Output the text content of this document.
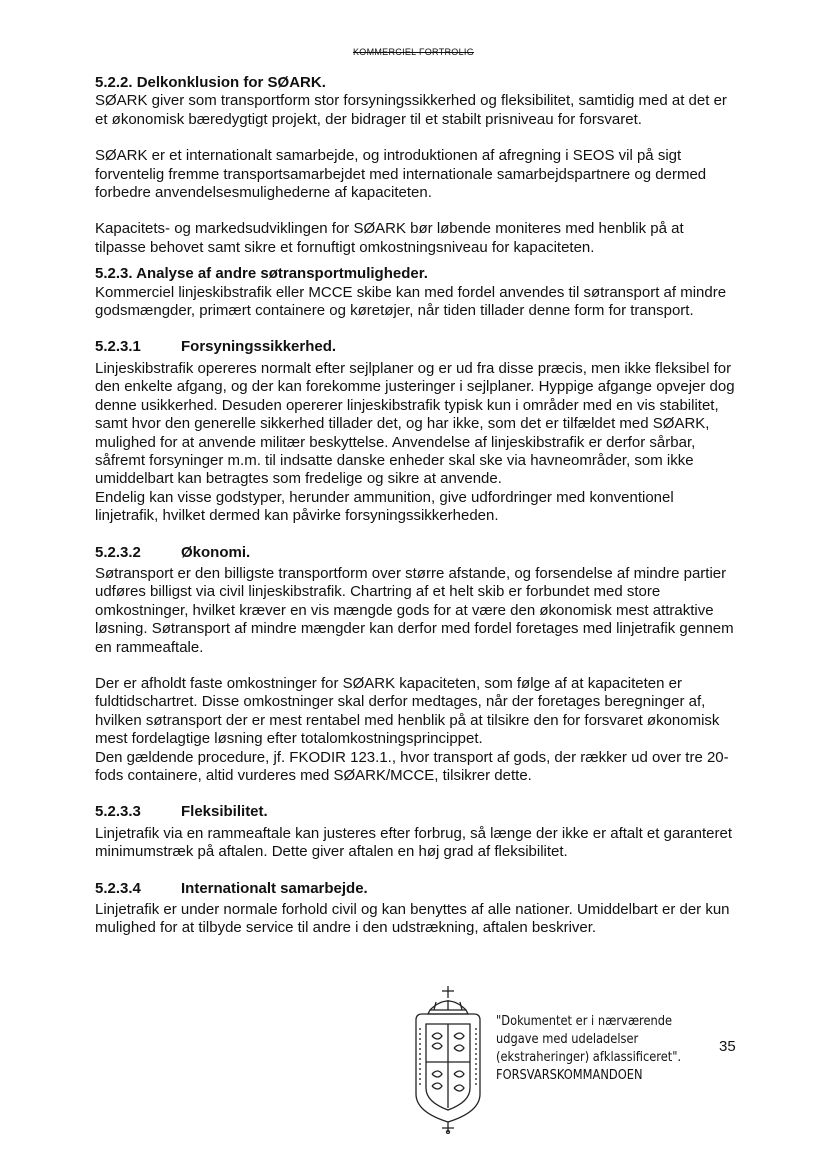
KOMMERCIEL FORTROLIG
5.2.2. Delkonklusion for SØARK.

SØARK giver som transportform stor forsyningssikkerhed og fleksibilitet, samtidig med at det er et økonomisk bæredygtigt projekt, der bidrager til et stabilt prisniveau for forsvaret.

SØARK er et internationalt samarbejde, og introduktionen af afregning i SEOS vil på sigt forventelig fremme transportsamarbejdet med internationale samarbejdspartnere og dermed forbedre anvendelsesmulighederne af kapaciteten.

Kapacitets- og markedsudviklingen for SØARK bør løbende moniteres med henblik på at tilpasse behovet samt sikre et fornuftigt omkostningsniveau for kapaciteten.

5.2.3. Analyse af andre søtransportmuligheder.

Kommerciel linjeskibstrafik eller MCCE skibe kan med fordel anvendes til søtransport af mindre godsmængder, primært containere og køretøjer, når tiden tillader denne form for transport.

5.2.3.1	Forsyningssikkerhed.

Linjeskibstrafik opereres normalt efter sejlplaner og er ud fra disse præcis, men ikke fleksibel for den enkelte afgang, og der kan forekomme justeringer i sejlplaner. Hyppige afgange opvejer dog denne usikkerhed. Desuden opererer linjeskibstrafik typisk kun i områder med en vis stabilitet, samt hvor den generelle sikkerhed tillader det, og har ikke, som det er tilfældet med SØARK, mulighed for at anvende militær beskyttelse. Anvendelse af linjeskibstrafik er derfor sårbar, såfremt forsyninger m.m. til indsatte danske enheder skal ske via havneområder, som ikke umiddelbart kan betragtes som fredelige og sikre at anvende.

Endelig kan visse godstyper, herunder ammunition, give udfordringer med konventionel linjetrafik, hvilket dermed kan påvirke forsyningssikkerheden.

5.2.3.2	Økonomi.

Søtransport er den billigste transportform over større afstande, og forsendelse af mindre partier udføres billigst via civil linjeskibstrafik. Chartring af et helt skib er forbundet med store omkostninger, hvilket kræver en vis mængde gods for at være den økonomisk mest attraktive løsning. Søtransport af mindre mængder kan derfor med fordel foretages med linjetrafik gennem en rammeaftale.

Der er afholdt faste omkostninger for SØARK kapaciteten, som følge af at kapaciteten er fuldtidschartret. Disse omkostninger skal derfor medtages, når der foretages beregninger af, hvilken søtransport der er mest rentabel med henblik på at tilsikre den for forsvaret økonomisk mest fordelagtige løsning efter totalomkostningsprincippet.

Den gældende procedure, jf. FKODIR 123.1., hvor transport af gods, der rækker ud over tre 20-fods containere, altid vurderes med SØARK/MCCE, tilsikrer dette.

5.2.3.3	Fleksibilitet.

Linjetrafik via en rammeaftale kan justeres efter forbrug, så længe der ikke er aftalt et garanteret minimumstræk på aftalen. Dette giver aftalen en høj grad af fleksibilitet.

5.2.3.4	Internationalt samarbejde.

Linjetrafik er under normale forhold civil og kan benyttes af alle nationer. Umiddelbart er der kun mulighed for at tilbyde service til andre i den udstrækning, aftalen beskriver.

"Dokumentet er i nærværende
udgave med udeladelser
(ekstraheringer) afklassificeret".
FORSVARSKOMMANDOEN
35
